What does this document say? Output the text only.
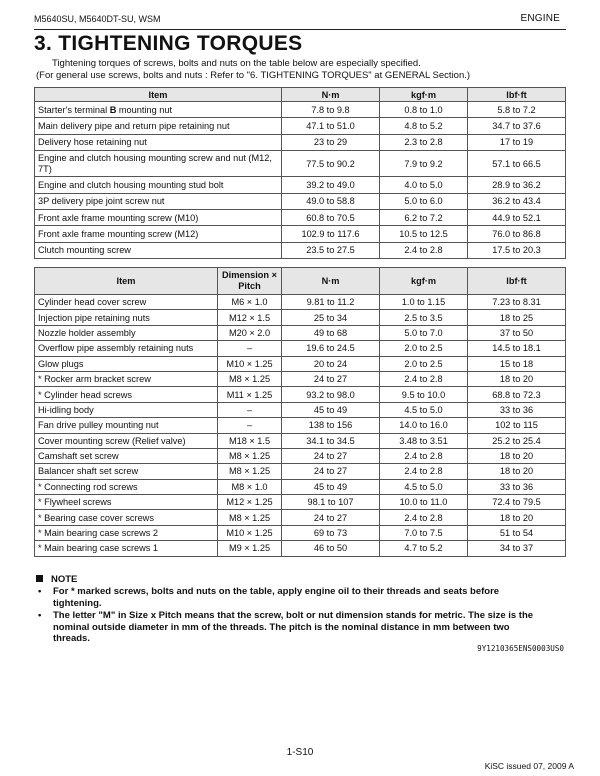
M5640SU, M5640DT-SU, WSM	ENGINE
3. TIGHTENING TORQUES
Tightening torques of screws, bolts and nuts on the table below are especially specified.
(For general use screws, bolts and nuts : Refer to "6. TIGHTENING TORQUES" at GENERAL Section.)
Item	N·m	kgf·m	lbf·ft
Starter's terminal B mounting nut	7.8 to 9.8	0.8 to 1.0	5.8 to 7.2
Main delivery pipe and return pipe retaining nut	47.1 to 51.0	4.8 to 5.2	34.7 to 37.6
Delivery hose retaining nut	23 to 29	2.3 to 2.8	17 to 19
Engine and clutch housing mounting screw and nut (M12, 7T)	77.5 to 90.2	7.9 to 9.2	57.1 to 66.5
Engine and clutch housing mounting stud bolt	39.2 to 49.0	4.0 to 5.0	28.9 to 36.2
3P delivery pipe joint screw nut	49.0 to 58.8	5.0 to 6.0	36.2 to 43.4
Front axle frame mounting screw (M10)	60.8 to 70.5	6.2 to 7.2	44.9 to 52.1
Front axle frame mounting screw (M12)	102.9 to 117.6	10.5 to 12.5	76.0 to 86.8
Clutch mounting screw	23.5 to 27.5	2.4 to 2.8	17.5 to 20.3
Item	Dimension × Pitch	N·m	kgf·m	lbf·ft
Cylinder head cover screw	M6 × 1.0	9.81 to 11.2	1.0 to 1.15	7.23 to 8.31
Injection pipe retaining nuts	M12 × 1.5	25 to 34	2.5 to 3.5	18 to 25
Nozzle holder assembly	M20 × 2.0	49 to 68	5.0 to 7.0	37 to 50
Overflow pipe assembly retaining nuts	–	19.6 to 24.5	2.0 to 2.5	14.5 to 18.1
Glow plugs	M10 × 1.25	20 to 24	2.0 to 2.5	15 to 18
* Rocker arm bracket screw	M8 × 1.25	24 to 27	2.4 to 2.8	18 to 20
* Cylinder head screws	M11 × 1.25	93.2 to 98.0	9.5 to 10.0	68.8 to 72.3
Hi-idling body	–	45 to 49	4.5 to 5.0	33 to 36
Fan drive pulley mounting nut	–	138 to 156	14.0 to 16.0	102 to 115
Cover mounting screw (Relief valve)	M18 × 1.5	34.1 to 34.5	3.48 to 3.51	25.2 to 25.4
Camshaft set screw	M8 × 1.25	24 to 27	2.4 to 2.8	18 to 20
Balancer shaft set screw	M8 × 1.25	24 to 27	2.4 to 2.8	18 to 20
* Connecting rod screws	M8 × 1.0	45 to 49	4.5 to 5.0	33 to 36
* Flywheel screws	M12 × 1.25	98.1 to 107	10.0 to 11.0	72.4 to 79.5
* Bearing case cover screws	M8 × 1.25	24 to 27	2.4 to 2.8	18 to 20
* Main bearing case screws 2	M10 × 1.25	69 to 73	7.0 to 7.5	51 to 54
* Main bearing case screws 1	M9 × 1.25	46 to 50	4.7 to 5.2	34 to 37
NOTE
• For * marked screws, bolts and nuts on the table, apply engine oil to their threads and seats before tightening.
• The letter "M" in Size x Pitch means that the screw, bolt or nut dimension stands for metric. The size is the nominal outside diameter in mm of the threads. The pitch is the nominal distance in mm between two threads.
9Y1210365ENS0003US0
1-S10
KiSC issued 07, 2009 A
